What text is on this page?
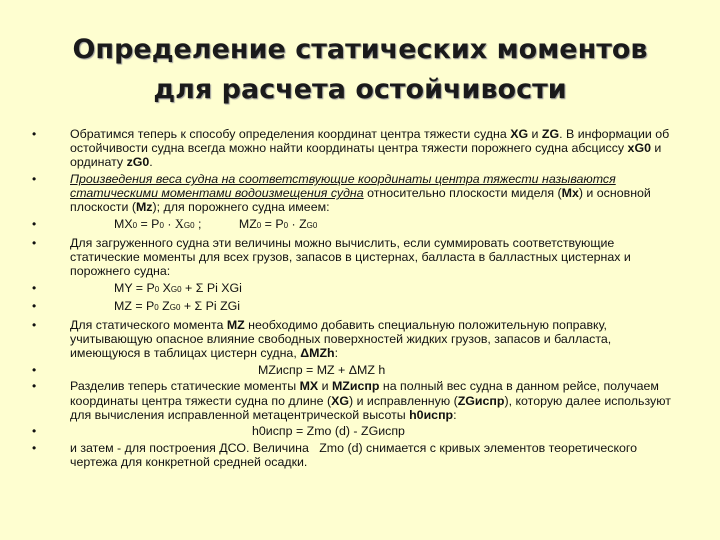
Определение статических моментов
для расчета остойчивости
•	Обратимся теперь к способу определения координат центра тяжести судна XG и ZG. В информации об остойчивости судна всегда можно найти координаты центра тяжести порожнего судна абсциссу xG0 и ординату zG0.
•	Произведения веса судна на соответствующие координаты центра тяжести называются статическими моментами водоизмещения судна относительно плоскости миделя (Mx) и основной плоскости (Mz); для порожнего судна имеем:
•	MX0 = P0 · XG0 ;	MZ0 = P0 · ZG0
•	Для загруженного судна эти величины можно вычислить, если суммировать соответствующие статические моменты для всех грузов, запасов в цистернах, балласта в балластных цистернах и порожнего судна:
•	MY = P0 XG0 + Σ Pi XGi
•	MZ = P0 ZG0 + Σ Pi ZGi
•	Для статического момента MZ необходимо добавить специальную положительную поправку, учитывающую опасное влияние свободных поверхностей жидких грузов, запасов и балласта, имеющуюся в таблицах цистерн судна, ΔMZh:
•	MZиспр = MZ + ΔMZ h
•	Разделив теперь статические моменты MX и MZиспр на полный вес судна в данном рейсе, получаем координаты центра тяжести судна по длине (XG) и исправленную (ZGиспр), которую далее используют для вычисления исправленной метацентрической высоты h0испр:
•	h0испр = Zmo (d) - ZGиспр
•	и затем - для построения ДСО. Величина   Zmo (d) снимается с кривых элементов теоретического чертежа для конкретной средней осадки.
